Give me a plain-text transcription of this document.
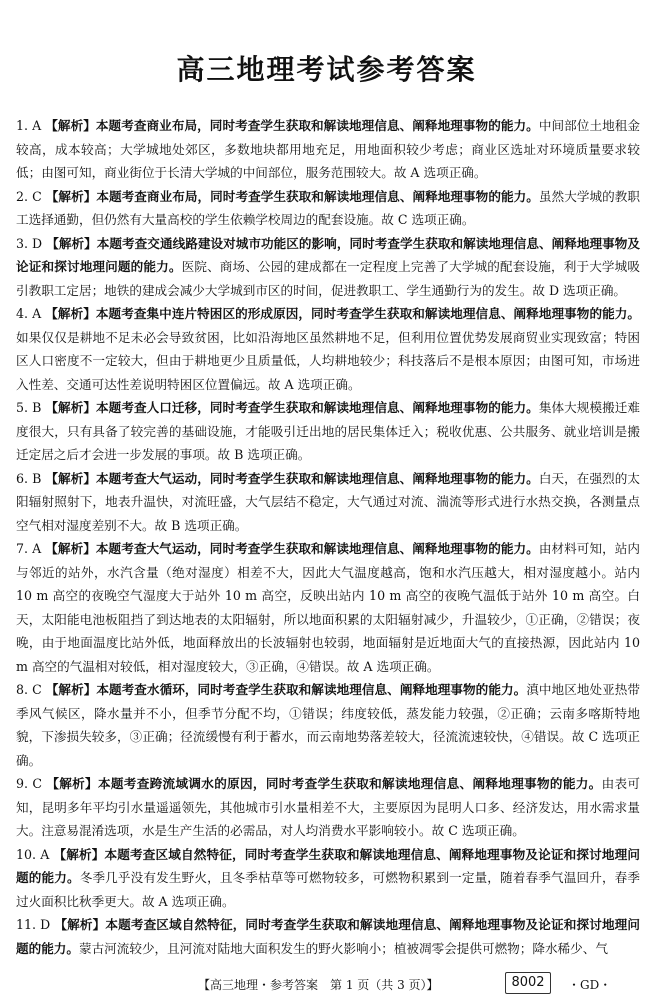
高三地理考试参考答案

1. A 【解析】本题考查商业布局，同时考查学生获取和解读地理信息、阐释地理事物的能力。中间部位土地租金较高，成本较高；大学城地处郊区，多数地块都用地充足，用地面积较少考虑；商业区选址对环境质量要求较低；由图可知，商业街位于长清大学城的中间部位，服务范围较大。故 A 选项正确。

2. C 【解析】本题考查商业布局，同时考查学生获取和解读地理信息、阐释地理事物的能力。虽然大学城的教职工选择通勤，但仍然有大量高校的学生依赖学校周边的配套设施。故 C 选项正确。

3. D 【解析】本题考查交通线路建设对城市功能区的影响，同时考查学生获取和解读地理信息、阐释地理事物及论证和探讨地理问题的能力。医院、商场、公园的建成都在一定程度上完善了大学城的配套设施，利于大学城吸引教职工定居；地铁的建成会减少大学城到市区的时间，促进教职工、学生通勤行为的发生。故 D 选项正确。

4. A 【解析】本题考查集中连片特困区的形成原因，同时考查学生获取和解读地理信息、阐释地理事物的能力。如果仅仅是耕地不足未必会导致贫困，比如沿海地区虽然耕地不足，但利用位置优势发展商贸业实现致富；特困区人口密度不一定较大，但由于耕地更少且质量低，人均耕地较少；科技落后不是根本原因；由图可知，市场进入性差、交通可达性差说明特困区位置偏远。故 A 选项正确。

5. B 【解析】本题考查人口迁移，同时考查学生获取和解读地理信息、阐释地理事物的能力。集体大规模搬迁难度很大，只有具备了较完善的基础设施，才能吸引迁出地的居民集体迁入；税收优惠、公共服务、就业培训是搬迁定居之后才会进一步发展的事项。故 B 选项正确。

6. B 【解析】本题考查大气运动，同时考查学生获取和解读地理信息、阐释地理事物的能力。白天，在强烈的太阳辐射照射下，地表升温快，对流旺盛，大气层结不稳定，大气通过对流、湍流等形式进行水热交换，各测量点空气相对湿度差别不大。故 B 选项正确。

7. A 【解析】本题考查大气运动，同时考查学生获取和解读地理信息、阐释地理事物的能力。由材料可知，站内与邻近的站外，水汽含量（绝对湿度）相差不大，因此大气温度越高，饱和水汽压越大，相对湿度越小。站内 10 m 高空的夜晚空气湿度大于站外 10 m 高空，反映出站内 10 m 高空的夜晚气温低于站外 10 m 高空。白天，太阳能电池板阻挡了到达地表的太阳辐射，所以地面积累的太阳辐射减少，升温较少，①正确，②错误；夜晚，由于地面温度比站外低，地面释放出的长波辐射也较弱，地面辐射是近地面大气的直接热源，因此站内 10 m 高空的气温相对较低，相对湿度较大，③正确，④错误。故 A 选项正确。

8. C 【解析】本题考查水循环，同时考查学生获取和解读地理信息、阐释地理事物的能力。滇中地区地处亚热带季风气候区，降水量并不小，但季节分配不均，①错误；纬度较低，蒸发能力较强，②正确；云南多喀斯特地貌，下渗损失较多，③正确；径流缓慢有利于蓄水，而云南地势落差较大，径流流速较快，④错误。故 C 选项正确。

9. C 【解析】本题考查跨流域调水的原因，同时考查学生获取和解读地理信息、阐释地理事物的能力。由表可知，昆明多年平均引水量遥遥领先，其他城市引水量相差不大，主要原因为昆明人口多、经济发达，用水需求量大。注意易混淆选项，水是生产生活的必需品，对人均消费水平影响较小。故 C 选项正确。

10. A 【解析】本题考查区域自然特征，同时考查学生获取和解读地理信息、阐释地理事物及论证和探讨地理问题的能力。冬季几乎没有发生野火，且冬季枯草等可燃物较多，可燃物积累到一定量，随着春季气温回升，春季过火面积比秋季更大。故 A 选项正确。

11. D 【解析】本题考查区域自然特征，同时考查学生获取和解读地理信息、阐释地理事物及论证和探讨地理问题的能力。蒙古河流较少，且河流对陆地大面积发生的野火影响小；植被凋零会提供可燃物；降水稀少、气

【高三地理・参考答案　第 1 页（共 3 页）】	8002	・GD・
